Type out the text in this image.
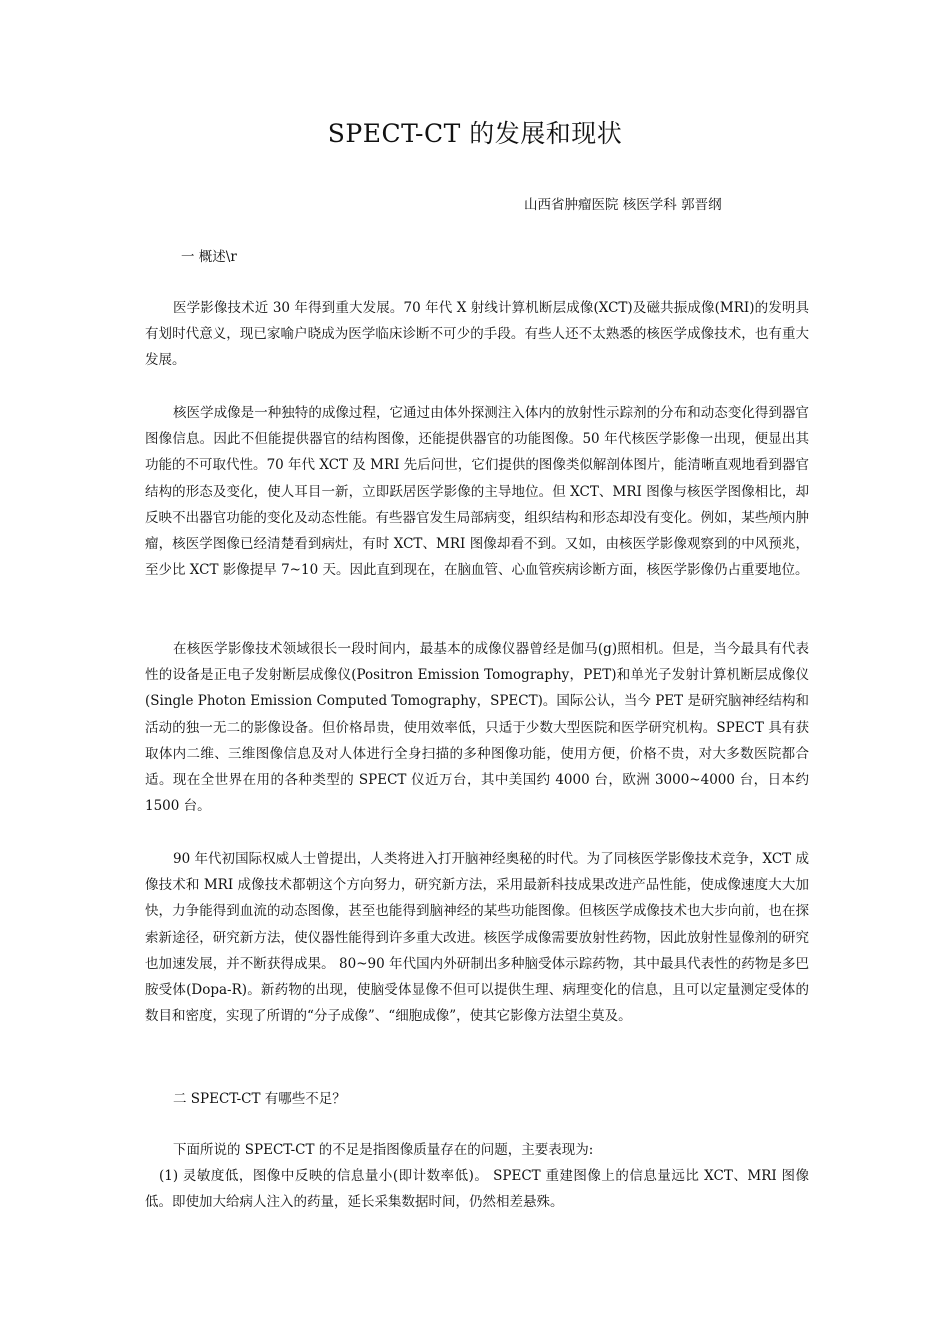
SPECT-CT 的发展和现状
山西省肿瘤医院 核医学科 郭晋纲
一 概述\r
医学影像技术近 30 年得到重大发展。70 年代 X 射线计算机断层成像(XCT)及磁共振成像(MRI)的发明具有划时代意义，现已家喻户晓成为医学临床诊断不可少的手段。有些人还不太熟悉的核医学成像技术，也有重大发展。
核医学成像是一种独特的成像过程，它通过由体外探测注入体内的放射性示踪剂的分布和动态变化得到器官图像信息。因此不但能提供器官的结构图像，还能提供器官的功能图像。50 年代核医学影像一出现，便显出其功能的不可取代性。70 年代 XCT 及 MRI 先后问世，它们提供的图像类似解剖体图片，能清晰直观地看到器官结构的形态及变化，使人耳目一新，立即跃居医学影像的主导地位。但 XCT、MRI 图像与核医学图像相比，却反映不出器官功能的变化及动态性能。有些器官发生局部病变，组织结构和形态却没有变化。例如，某些颅内肿瘤，核医学图像已经清楚看到病灶，有时 XCT、MRI 图像却看不到。又如，由核医学影像观察到的中风预兆，至少比 XCT 影像提早 7~10 天。因此直到现在，在脑血管、心血管疾病诊断方面，核医学影像仍占重要地位。
在核医学影像技术领域很长一段时间内，最基本的成像仪器曾经是伽马(g)照相机。但是，当今最具有代表性的设备是正电子发射断层成像仪(Positron Emission Tomography，PET)和单光子发射计算机断层成像仪(Single Photon Emission Computed Tomography，SPECT)。国际公认，当今 PET 是研究脑神经结构和活动的独一无二的影像设备。但价格昂贵，使用效率低，只适于少数大型医院和医学研究机构。SPECT 具有获取体内二维、三维图像信息及对人体进行全身扫描的多种图像功能，使用方便，价格不贵，对大多数医院都合适。现在全世界在用的各种类型的 SPECT 仪近万台，其中美国约 4000 台，欧洲 3000~4000 台，日本约 1500 台。
90 年代初国际权威人士曾提出，人类将进入打开脑神经奥秘的时代。为了同核医学影像技术竞争，XCT 成像技术和 MRI 成像技术都朝这个方向努力，研究新方法，采用最新科技成果改进产品性能，使成像速度大大加快，力争能得到血流的动态图像，甚至也能得到脑神经的某些功能图像。但核医学成像技术也大步向前，也在探索新途径，研究新方法，使仪器性能得到许多重大改进。核医学成像需要放射性药物，因此放射性显像剂的研究也加速发展，并不断获得成果。 80~90 年代国内外研制出多种脑受体示踪药物，其中最具代表性的药物是多巴胺受体(Dopa-R)。新药物的出现，使脑受体显像不但可以提供生理、病理变化的信息，且可以定量测定受体的数目和密度，实现了所谓的“分子成像”、“细胞成像”，使其它影像方法望尘莫及。
二 SPECT-CT 有哪些不足？
下面所说的 SPECT-CT 的不足是指图像质量存在的问题，主要表现为:
(1) 灵敏度低，图像中反映的信息量小(即计数率低)。 SPECT 重建图像上的信息量远比 XCT、MRI 图像低。即使加大给病人注入的药量，延长采集数据时间，仍然相差悬殊。
